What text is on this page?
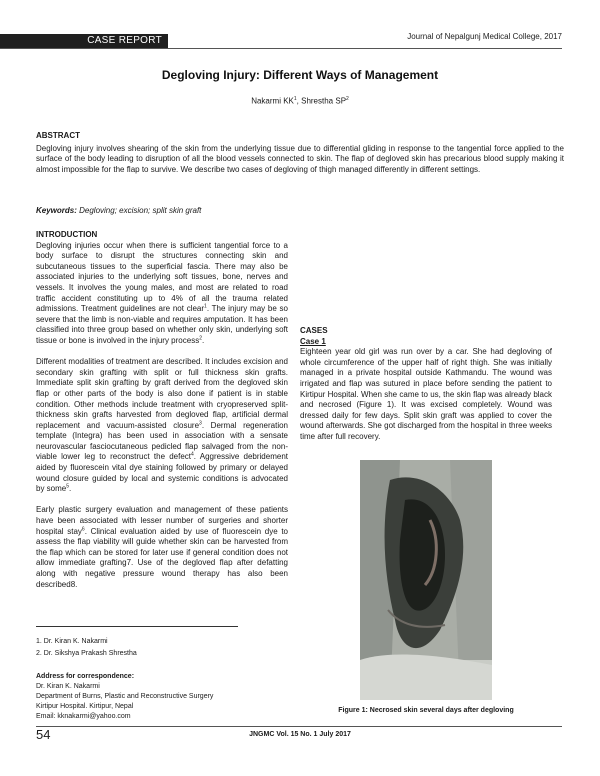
CASE REPORT	Journal of Nepalgunj Medical College, 2017
Degloving Injury: Different Ways of Management
Nakarmi $KK^1$, Shrestha $SP^2$
ABSTRACT

Degloving injury involves shearing of the skin from the underlying tissue due to differential gliding in response to the tangential force applied to the surface of the body leading to disruption of all the blood vessels connected to skin. The flap of degloved skin has precarious blood supply making it almost impossible for the flap to survive. We describe two cases of degloving of thigh managed differently in different settings.

Keywords: Degloving; excision; split skin graft
INTRODUCTION

Degloving injuries occur when there is sufficient tangential force to a body surface to disrupt the structures connecting skin and subcutaneous tissues to the superficial fascia. There may also be associated injuries to the underlying soft tissues, bone, nerves and vessels. It involves the young males, and most are related to road traffic accident constituting up to 4% of all the trauma related admissions. Treatment guidelines are not clear$^1$. The injury may be so severe that the limb is non-viable and requires amputation. It has been classified into three group based on whether only skin, underlying soft tissue or bone is involved in the injury process$^2$.

Different modalities of treatment are described. It includes excision and secondary skin grafting with split or full thickness skin grafts. Immediate split skin grafting by graft derived from the degloved skin flap or other parts of the body is also done if patient is in stable condition. Other methods include treatment with cryopreserved split-thickness skin grafts harvested from degloved flap, artificial dermal replacement and vacuum-assisted closure$^3$. Dermal regeneration template (Integra) has been used in association with a sensate neurovascular fasciocutaneous pedicled flap salvaged from the non-viable lower leg to reconstruct the defect$^4$. Aggressive debridement aided by fluorescein vital dye staining followed by primary or delayed wound closure guided by local and systemic conditions is advocated by some$^5$.

Early plastic surgery evaluation and management of these patients have been associated with lesser number of surgeries and shorter hospital stay$^6$. Clinical evaluation aided by use of fluorescein dye to assess the flap viability will guide whether skin can be harvested from the flap which can be stored for later use if general condition does not allow immediate grafting7. Use of the degloved flap after defatting along with negative pressure wound therapy has also been described8.

CASES
Case 1

Eighteen year old girl was run over by a car. She had degloving of whole circumference of the upper half of right thigh. She was initially managed in a private hospital outside Kathmandu. The wound was irrigated and flap was sutured in place before sending the patient to Kirtipur Hospital. When she came to us, the skin flap was already black and necrosed (Figure 1). It was excised completely. Wound was dressed daily for few days. Split skin graft was applied to cover the wound afterwards. She got discharged from the hospital in three weeks time after full recovery.

1. Dr. Kiran K. Nakarmi
2. Dr. Sikshya Prakash Shrestha
Address for correspondence:
Dr. Kiran K. Nakarmi
Department of Burns, Plastic and Reconstructive Surgery
Kirtipur Hospital. Kirtipur, Nepal
Email: kknakarmi@yahoo.com
Figure 1: Necrosed skin several days after degloving
54	JNGMC Vol. 15 No. 1 July 2017
